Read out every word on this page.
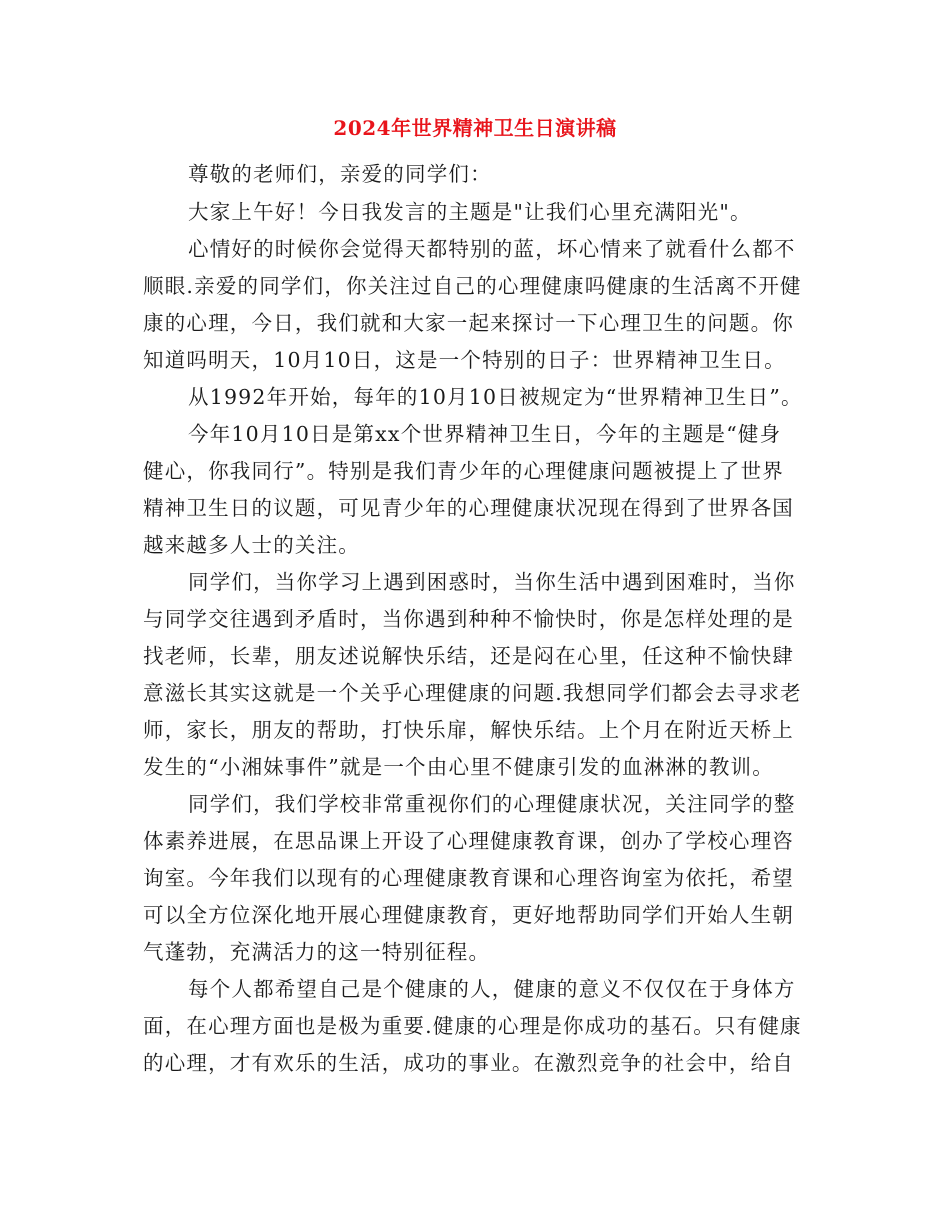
2024年世界精神卫生日演讲稿
尊敬的老师们，亲爱的同学们：
大家上午好！今日我发言的主题是"让我们心里充满阳光"。
心情好的时候你会觉得天都特别的蓝，坏心情来了就看什么都不
顺眼.亲爱的同学们，你关注过自己的心理健康吗健康的生活离不开健
康的心理，今日，我们就和大家一起来探讨一下心理卫生的问题。你
知道吗明天，10月10日，这是一个特别的日子：世界精神卫生日。
从1992年开始，每年的10月10日被规定为“世界精神卫生日”。
今年10月10日是第xx个世界精神卫生日，今年的主题是“健身
健心，你我同行”。特别是我们青少年的心理健康问题被提上了世界
精神卫生日的议题，可见青少年的心理健康状况现在得到了世界各国
越来越多人士的关注。
同学们，当你学习上遇到困惑时，当你生活中遇到困难时，当你
与同学交往遇到矛盾时，当你遇到种种不愉快时，你是怎样处理的是
找老师，长辈，朋友述说解快乐结，还是闷在心里，任这种不愉快肆
意滋长其实这就是一个关乎心理健康的问题.我想同学们都会去寻求老
师，家长，朋友的帮助，打快乐扉，解快乐结。上个月在附近天桥上
发生的“小湘妹事件”就是一个由心里不健康引发的血淋淋的教训。
同学们，我们学校非常重视你们的心理健康状况，关注同学的整
体素养进展，在思品课上开设了心理健康教育课，创办了学校心理咨
询室。今年我们以现有的心理健康教育课和心理咨询室为依托，希望
可以全方位深化地开展心理健康教育，更好地帮助同学们开始人生朝
气蓬勃，充满活力的这一特别征程。
每个人都希望自己是个健康的人，健康的意义不仅仅在于身体方
面，在心理方面也是极为重要.健康的心理是你成功的基石。只有健康
的心理，才有欢乐的生活，成功的事业。在激烈竞争的社会中，给自
